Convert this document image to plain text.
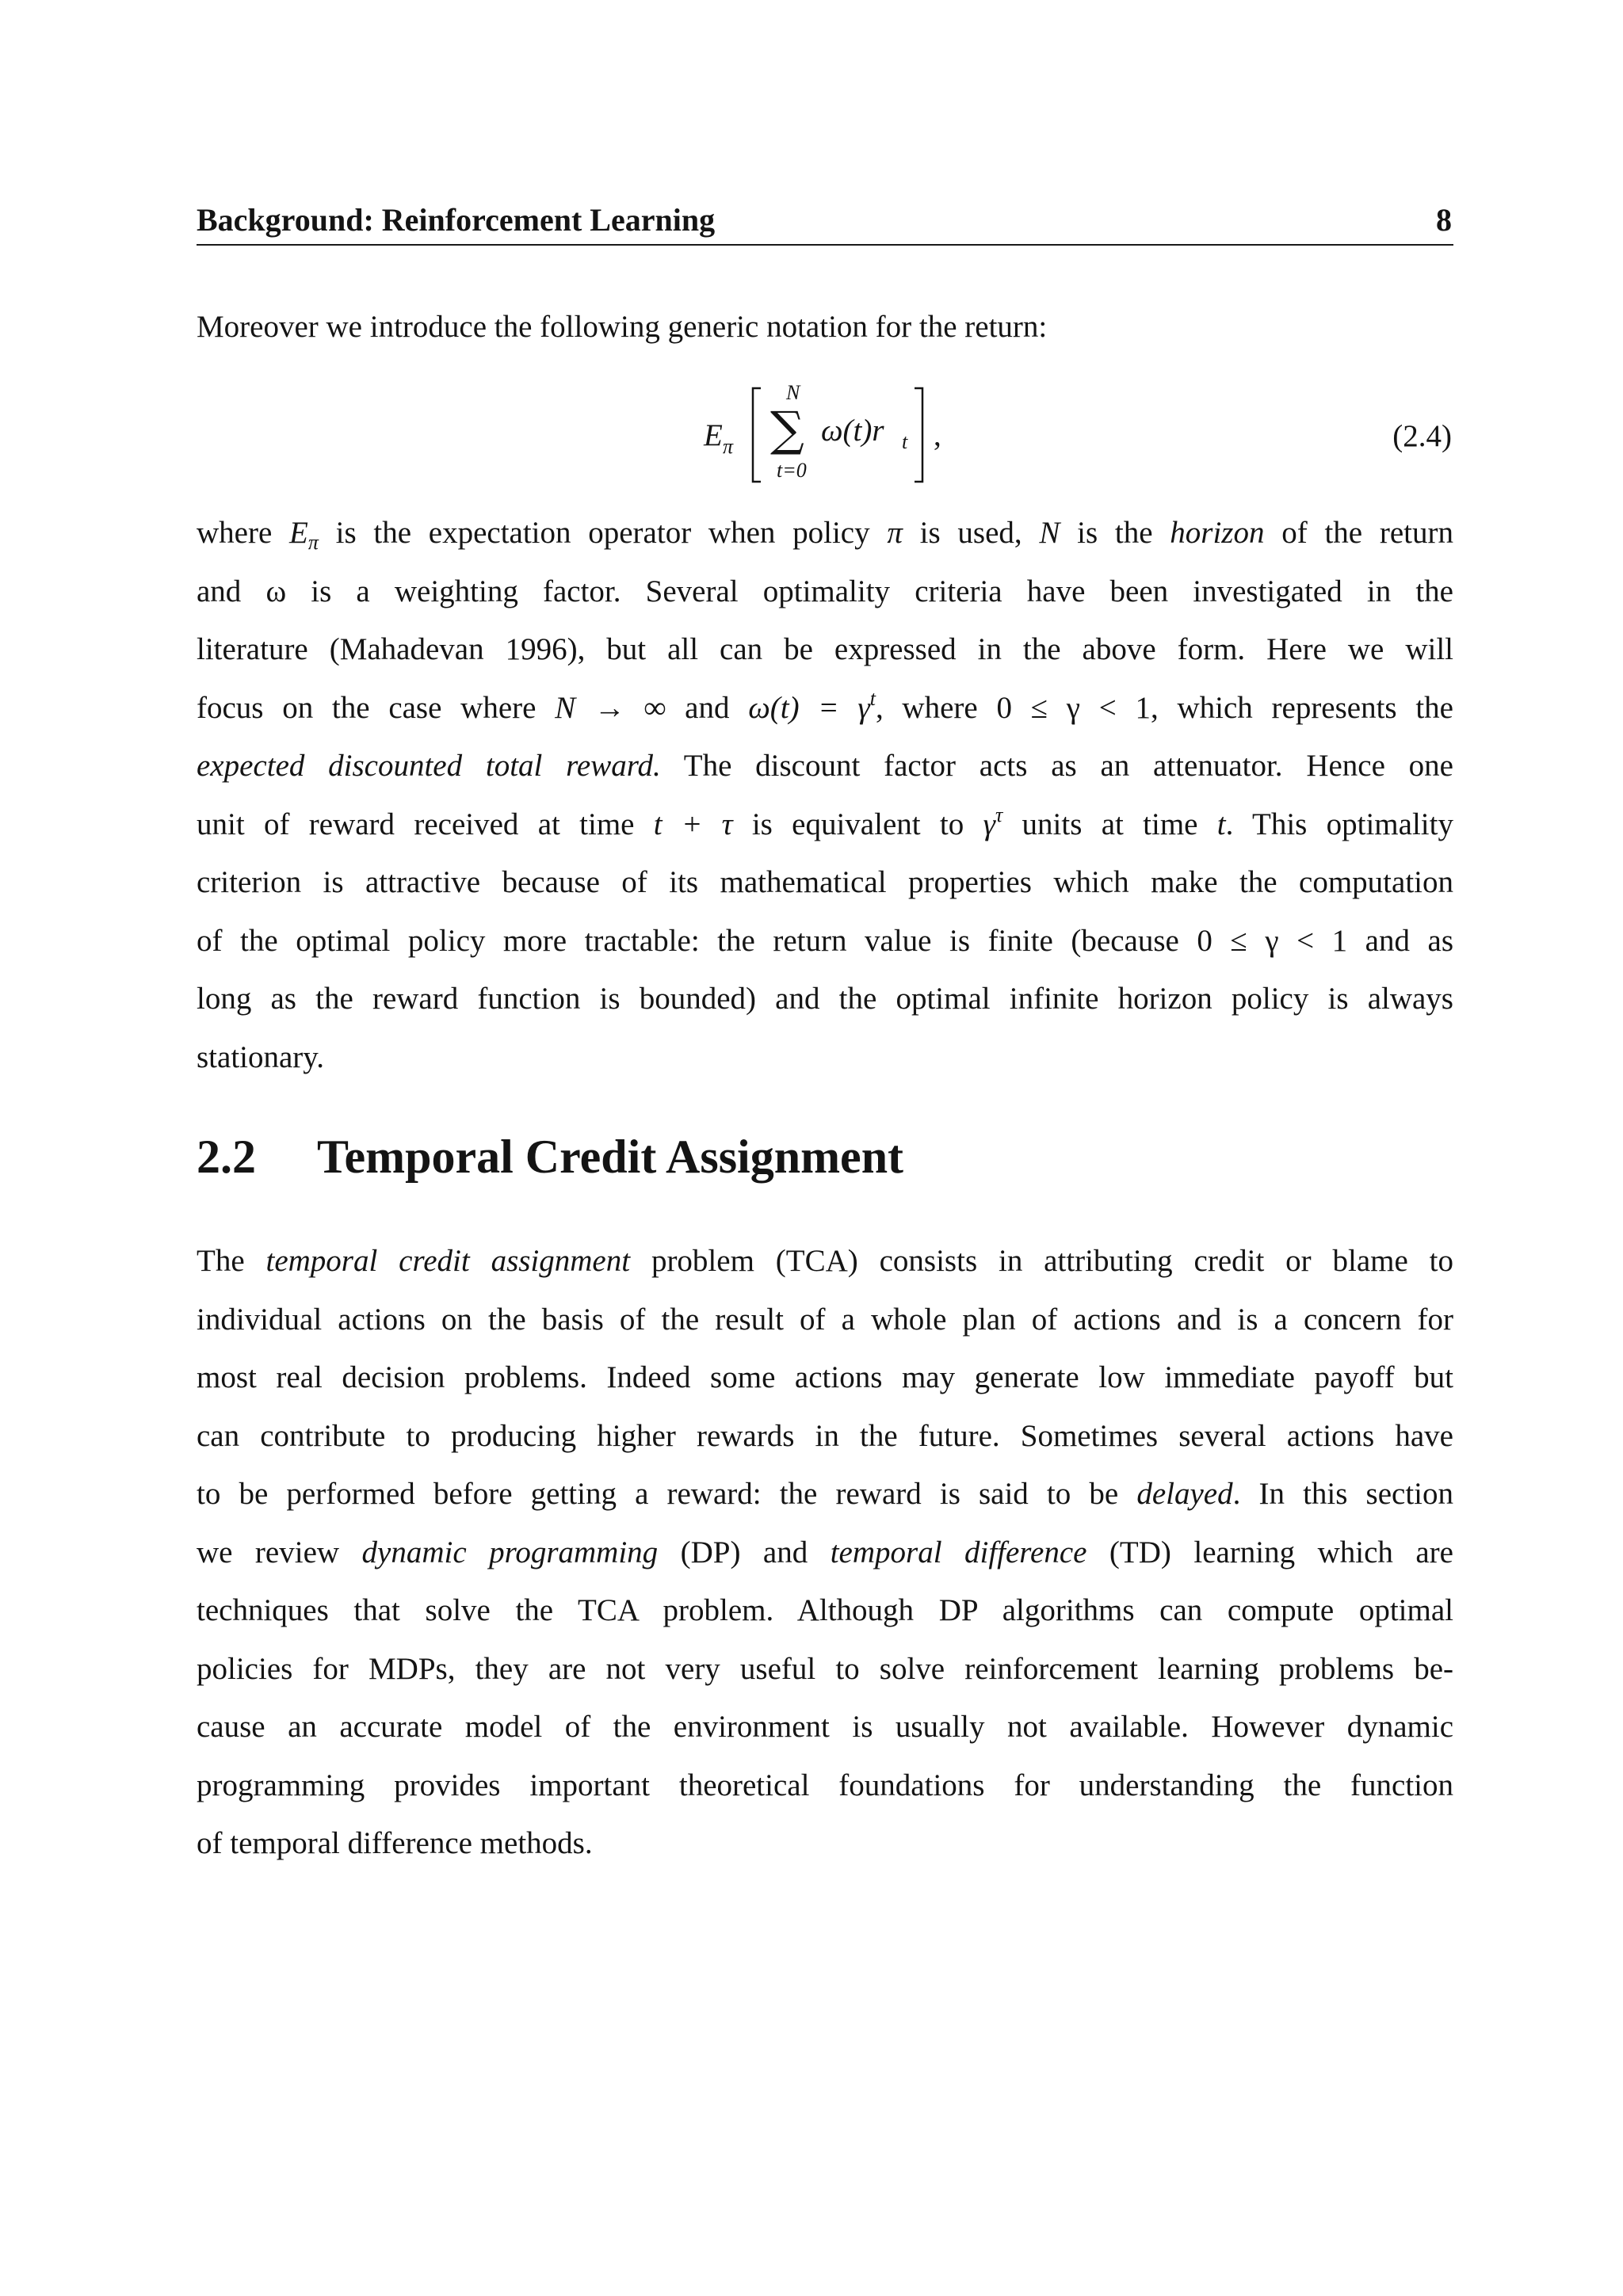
Background: Reinforcement Learning	8
Moreover we introduce the following generic notation for the return:
E π
N
∑
t=0
ω(t)r t ,	(2.4)
where $E_\pi$ is the expectation operator when policy π is used, N is the horizon of the return
and ω is a weighting factor. Several optimality criteria have been investigated in the
literature (Mahadevan 1996), but all can be expressed in the above form. Here we will
focus on the case where N → ∞ and $\omega(t) = \gamma^t$, where 0 ≤ γ < 1, which represents the
expected discounted total reward. The discount factor acts as an attenuator. Hence one
unit of reward received at time t + τ is equivalent to $\gamma^\tau$ units at time t. This optimality
criterion is attractive because of its mathematical properties which make the computation
of the optimal policy more tractable: the return value is finite (because 0 ≤ γ < 1 and as
long as the reward function is bounded) and the optimal infinite horizon policy is always
stationary.
2.2 Temporal Credit Assignment
The temporal credit assignment problem (TCA) consists in attributing credit or blame to
individual actions on the basis of the result of a whole plan of actions and is a concern for
most real decision problems. Indeed some actions may generate low immediate payoff but
can contribute to producing higher rewards in the future. Sometimes several actions have
to be performed before getting a reward: the reward is said to be delayed. In this section
we review dynamic programming (DP) and temporal difference (TD) learning which are
techniques that solve the TCA problem. Although DP algorithms can compute optimal
policies for MDPs, they are not very useful to solve reinforcement learning problems be-
cause an accurate model of the environment is usually not available. However dynamic
programming provides important theoretical foundations for understanding the function
of temporal difference methods.
